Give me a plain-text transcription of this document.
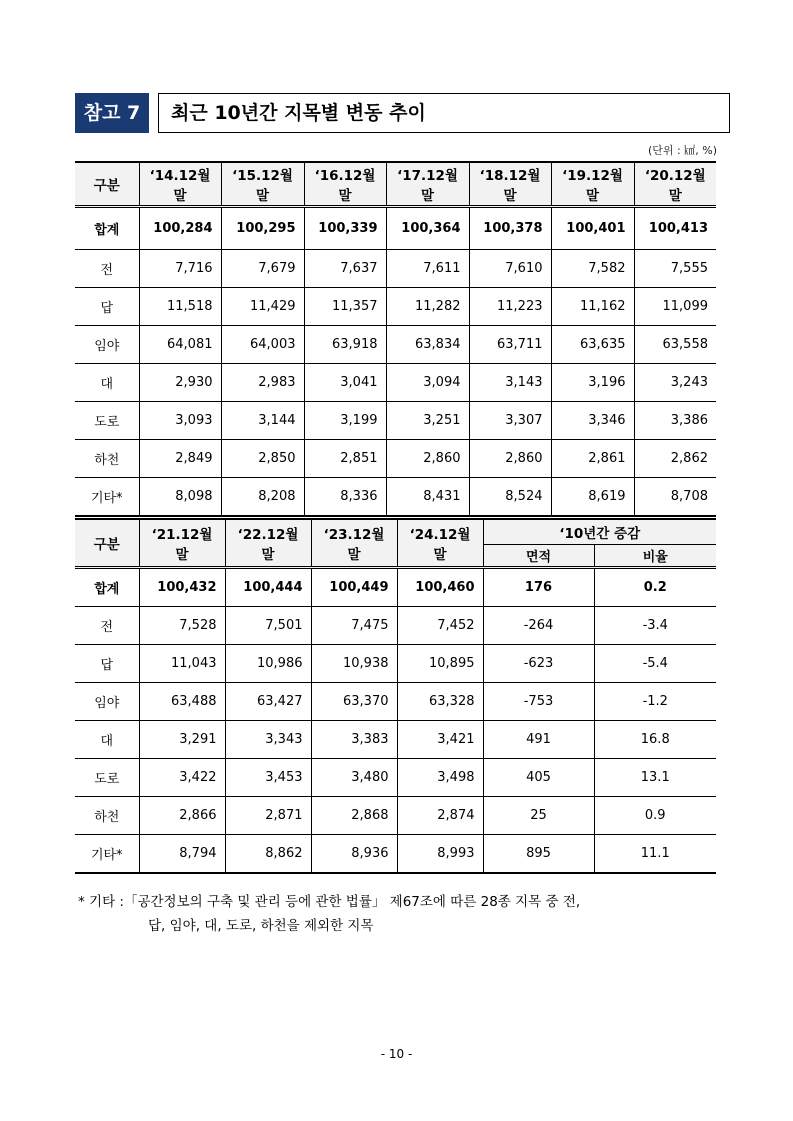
참고 7	최근 10년간 지목별 변동 추이
(단위 : ㎢, %)
구분	‘14.12월말	‘15.12월말	‘16.12월말	‘17.12월말	‘18.12월말	‘19.12월말	‘20.12월말
합계	100,284	100,295	100,339	100,364	100,378	100,401	100,413
전	7,716	7,679	7,637	7,611	7,610	7,582	7,555
답	11,518	11,429	11,357	11,282	11,223	11,162	11,099
임야	64,081	64,003	63,918	63,834	63,711	63,635	63,558
대	2,930	2,983	3,041	3,094	3,143	3,196	3,243
도로	3,093	3,144	3,199	3,251	3,307	3,346	3,386
하천	2,849	2,850	2,851	2,860	2,860	2,861	2,862
기타*	8,098	8,208	8,336	8,431	8,524	8,619	8,708
구분	‘21.12월말	‘22.12월말	‘23.12월말	‘24.12월말	‘10년간 증감	
					면적	비율
합계	100,432	100,444	100,449	100,460	176	0.2
전	7,528	7,501	7,475	7,452	-264	-3.4
답	11,043	10,986	10,938	10,895	-623	-5.4
임야	63,488	63,427	63,370	63,328	-753	-1.2
대	3,291	3,343	3,383	3,421	491	16.8
도로	3,422	3,453	3,480	3,498	405	13.1
하천	2,866	2,871	2,868	2,874	25	0.9
기타*	8,794	8,862	8,936	8,993	895	11.1
* 기타 :「공간정보의 구축 및 관리 등에 관한 법률」 제67조에 따른 28종 지목 중 전,
답, 임야, 대, 도로, 하천을 제외한 지목
- 10 -
